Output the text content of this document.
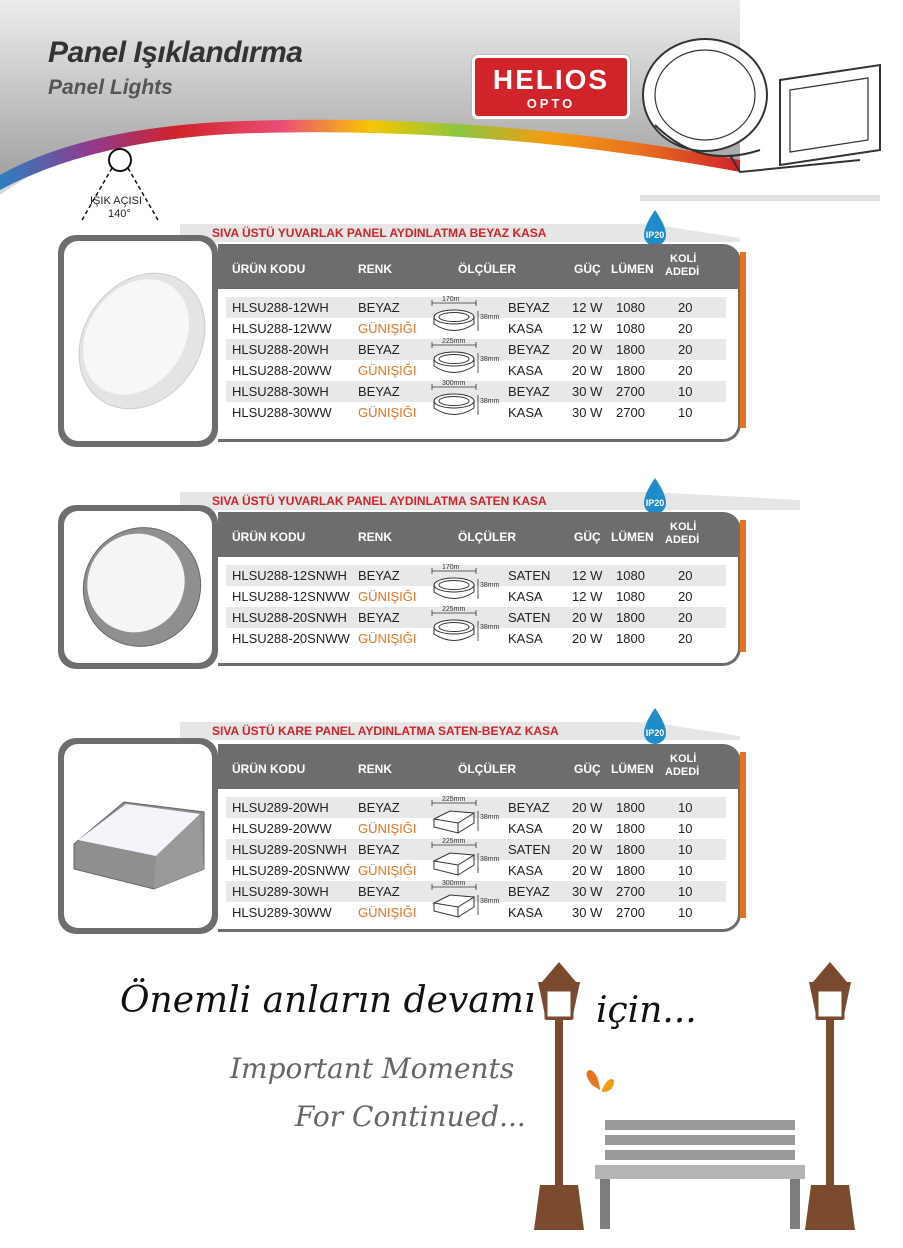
Panel Işıklandırma
Panel Lights	HELIOS
OPTO
IŞIK AÇISI
140°
SIVA ÜSTÜ YUVARLAK PANEL AYDINLATMA BEYAZ KASA	IP20
ÜRÜN KODU	RENK	ÖLÇÜLER	GÜÇ LÜMEN
KOLİ
ADEDİ
HLSU288-12WH BEYAZ	BEYAZ 12 W 1080	20
HLSU288-12WW GÜNIŞIĞI	KASA 12 W 1080	20
HLSU288-20WH BEYAZ	BEYAZ 20 W 1800	20
HLSU288-20WW GÜNIŞIĞI	KASA 20 W 1800	20
HLSU288-30WH BEYAZ	BEYAZ 30 W 2700	10
HLSU288-30WW GÜNIŞIĞI	KASA 30 W 2700	10
170m
38mm
225mm
38mm
300mm
38mm
SIVA ÜSTÜ YUVARLAK PANEL AYDINLATMA SATEN KASA	IP20
ÜRÜN KODU	RENK	ÖLÇÜLER	GÜÇ LÜMEN
KOLİ
ADEDİ
HLSU288-12SNWH BEYAZ	SATEN 12 W 1080	20
HLSU288-12SNWW GÜNIŞIĞI	KASA 12 W 1080	20
HLSU288-20SNWH BEYAZ	SATEN 20 W 1800	20
HLSU288-20SNWW GÜNIŞIĞI	KASA 20 W 1800	20
170m
38mm
225mm
38mm
SIVA ÜSTÜ KARE PANEL AYDINLATMA SATEN-BEYAZ KASA	IP20
ÜRÜN KODU	RENK	ÖLÇÜLER	GÜÇ LÜMEN
KOLİ
ADEDİ
HLSU289-20WH BEYAZ	BEYAZ 20 W 1800	10
HLSU289-20WW GÜNIŞIĞI	KASA 20 W 1800	10
HLSU289-20SNWH BEYAZ	SATEN 20 W 1800	10
HLSU289-20SNWW GÜNIŞIĞI	KASA 20 W 1800	10
HLSU289-30WH BEYAZ	BEYAZ 30 W 2700	10
HLSU289-30WW GÜNIŞIĞI	KASA 30 W 2700	10
225mm
38mm
225mm
38mm
300mm
38mm
Önemli anların devamı için...
Important Moments
For Continued...
